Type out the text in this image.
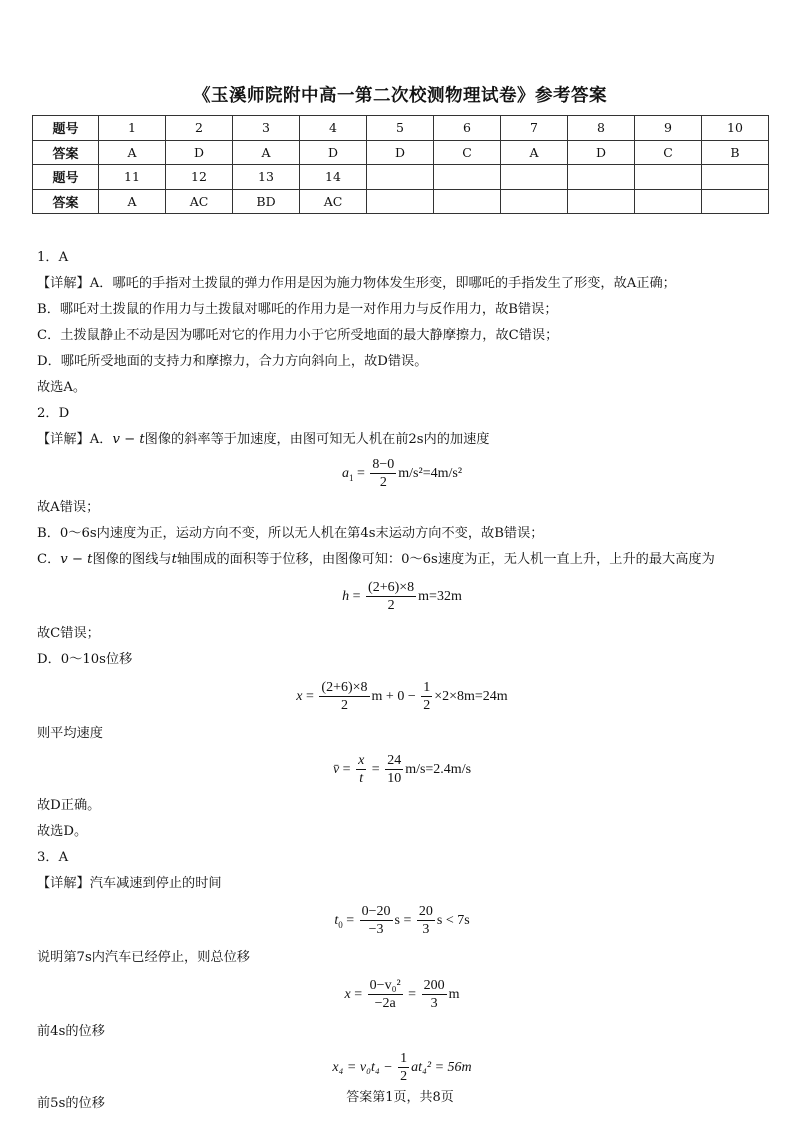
《玉溪师院附中高一第二次校测物理试卷》参考答案
题号	1	2	3	4	5	6	7	8	9	10
答案	A	D	A	D	D	C	A	D	C	B
题号	11	12	13	14						
答案	A	AC	BD	AC						
1．A
【详解】A．哪吒的手指对土拨鼠的弹力作用是因为施力物体发生形变，即哪吒的手指发生了形变，故A正确；
B．哪吒对土拨鼠的作用力与土拨鼠对哪吒的作用力是一对作用力与反作用力，故B错误；
C．土拨鼠静止不动是因为哪吒对它的作用力小于它所受地面的最大静摩擦力，故C错误；
D．哪吒所受地面的支持力和摩擦力，合力方向斜向上，故D错误。
故选A。
2．D
【详解】A．v − t图像的斜率等于加速度，由图可知无人机在前2s内的加速度
$a_1 = \frac{8-0}{2} m/s^2=4m/s^2$
故A错误；
B．0～6s内速度为正，运动方向不变，所以无人机在第4s末运动方向不变，故B错误；
C．v − t图像的图线与t轴围成的面积等于位移，由图像可知：0～6s速度为正，无人机一直上升，上升的最大高度为
$h = \frac{(2+6)\times 8}{2} m=32m$
故C错误；
D．0～10s位移
$x = \frac{(2+6)\times 8}{2}$ $m + 0 - \frac{1}{2} \times 2\times 8m=24m$
则平均速度
v̄ = $\frac{x}{t} = \frac{24}{10} m/s=2.4m/s$
故D正确。
故选D。
3．A
【详解】汽车减速到停止的时间
$t_0 = \frac{0-20}{-3}$ $s = \frac{20}{3}$ s < 7s
说明第7s内汽车已经停止，则总位移
$x = \frac{\text{0−v₀²}}{-2a} = \frac{200}{3}$ m
前4s的位移
$x_4 = v_0t_4 - \frac{1}{2} at_4^2 = 56m$
前5s的位移	答案第1页，共8页
